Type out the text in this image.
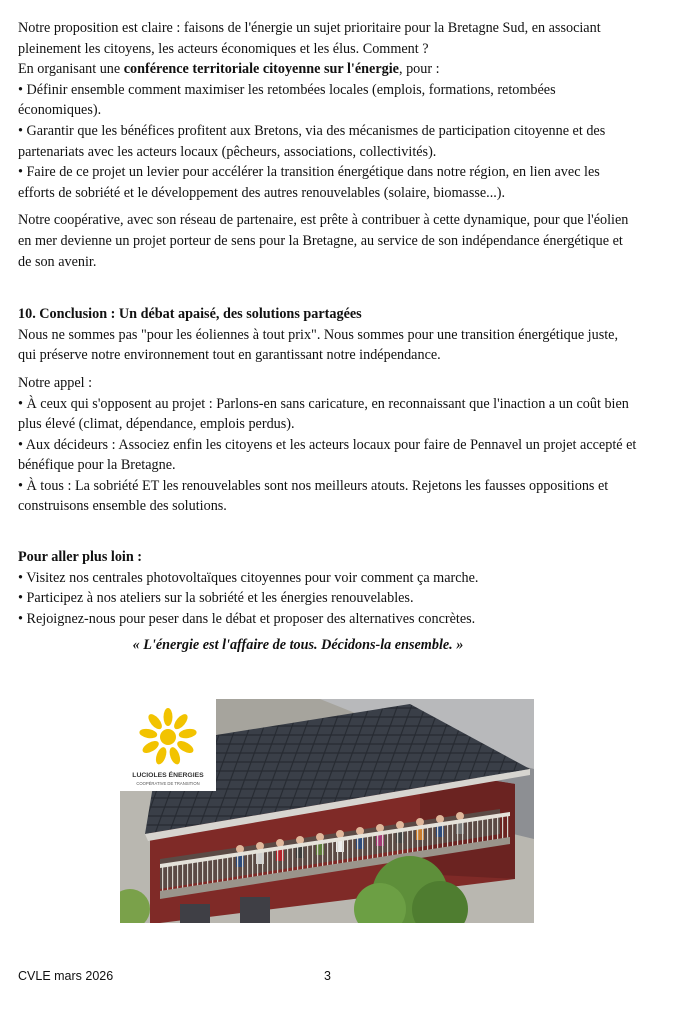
Notre proposition est claire : faisons de l'énergie un sujet prioritaire pour la Bretagne Sud, en associant pleinement les citoyens, les acteurs économiques et les élus. Comment ?

En organisant une conférence territoriale citoyenne sur l'énergie, pour :

• Définir ensemble comment maximiser les retombées locales (emplois, formations, retombées économiques).

• Garantir que les bénéfices profitent aux Bretons, via des mécanismes de participation citoyenne et des partenariats avec les acteurs locaux (pêcheurs, associations, collectivités).

• Faire de ce projet un levier pour accélérer la transition énergétique dans notre région, en lien avec les efforts de sobriété et le développement des autres renouvelables (solaire, biomasse...).

Notre coopérative, avec son réseau de partenaire, est prête à contribuer à cette dynamique, pour que l'éolien en mer devienne un projet porteur de sens pour la Bretagne, au service de son indépendance énergétique et de son avenir.

10. Conclusion : Un débat apaisé, des solutions partagées

Nous ne sommes pas "pour les éoliennes à tout prix". Nous sommes pour une transition énergétique juste, qui préserve notre environnement tout en garantissant notre indépendance.

Notre appel :

• À ceux qui s'opposent au projet : Parlons-en sans caricature, en reconnaissant que l'inaction a un coût bien plus élevé (climat, dépendance, emplois perdus).

• Aux décideurs : Associez enfin les citoyens et les acteurs locaux pour faire de Pennavel un projet accepté et bénéfique pour la Bretagne.

• À tous : La sobriété ET les renouvelables sont nos meilleurs atouts. Rejetons les fausses oppositions et construisons ensemble des solutions.

Pour aller plus loin :

• Visitez nos centrales photovoltaïques citoyennes pour voir comment ça marche.

• Participez à nos ateliers sur la sobriété et les énergies renouvelables.

• Rejoignez-nous pour peser dans le débat et proposer des alternatives concrètes.

« L'énergie est l'affaire de tous. Décidons-la ensemble. »

LUCIOLES ÉNERGIES
COOPÉRATIVE DE TRANSITION
CVLE mars 2026	3
